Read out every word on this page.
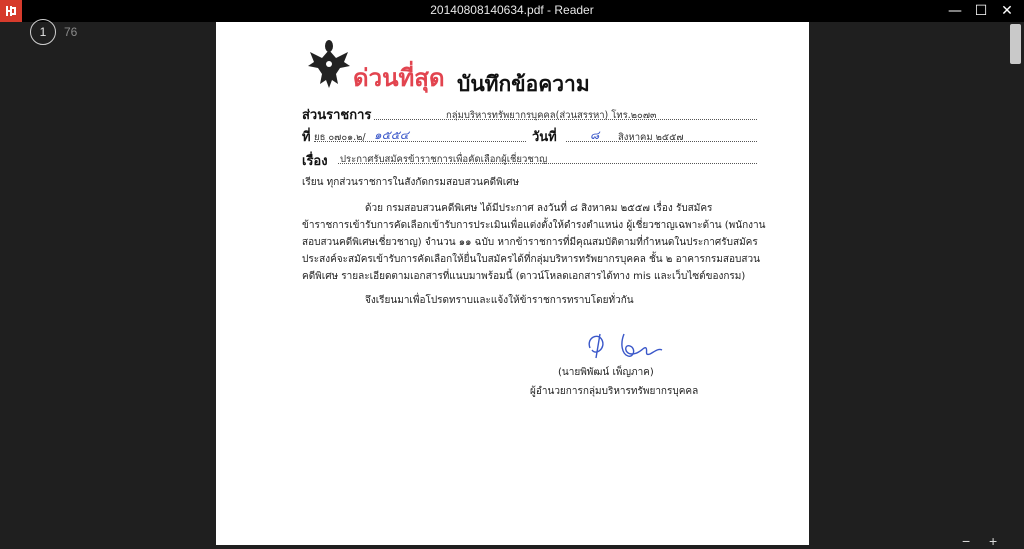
20140808140634.pdf - Reader	— ☐ ✕
1	76
ด่วนที่สุด บันทึกข้อความ
ส่วนราชการ	กลุ่มบริหารทรัพยากรบุคคล(ส่วนสรรหา) โทร.๒๐๗๓
ที่ ยธ ๐๗๐๑.๒/ ๑๕๕๔	วันที่	๘ สิงหาคม ๒๕๕๗
เรื่อง ประกาศรับสมัครข้าราชการเพื่อคัดเลือกผู้เชี่ยวชาญ
เรียน ทุกส่วนราชการในสังกัดกรมสอบสวนคดีพิเศษ
ด้วย กรมสอบสวนคดีพิเศษ ได้มีประกาศ ลงวันที่ ๘ สิงหาคม ๒๕๕๗ เรื่อง รับสมัคร
ข้าราชการเข้ารับการคัดเลือกเข้ารับการประเมินเพื่อแต่งตั้งให้ดำรงตำแหน่ง ผู้เชี่ยวชาญเฉพาะด้าน (พนักงาน
สอบสวนคดีพิเศษเชี่ยวชาญ) จำนวน ๑๑ ฉบับ หากข้าราชการที่มีคุณสมบัติตามที่กำหนดในประกาศรับสมัคร
ประสงค์จะสมัครเข้ารับการคัดเลือกให้ยื่นใบสมัครได้ที่กลุ่มบริหารทรัพยากรบุคคล ชั้น ๒ อาคารกรมสอบสวน
คดีพิเศษ รายละเอียดตามเอกสารที่แนบมาพร้อมนี้ (ดาวน์โหลดเอกสารได้ทาง mis และเว็บไซต์ของกรม)
จึงเรียนมาเพื่อโปรดทราบและแจ้งให้ข้าราชการทราบโดยทั่วกัน
(นายพิพัฒน์ เพ็ญภาค)
ผู้อำนวยการกลุ่มบริหารทรัพยากรบุคคล
− +
